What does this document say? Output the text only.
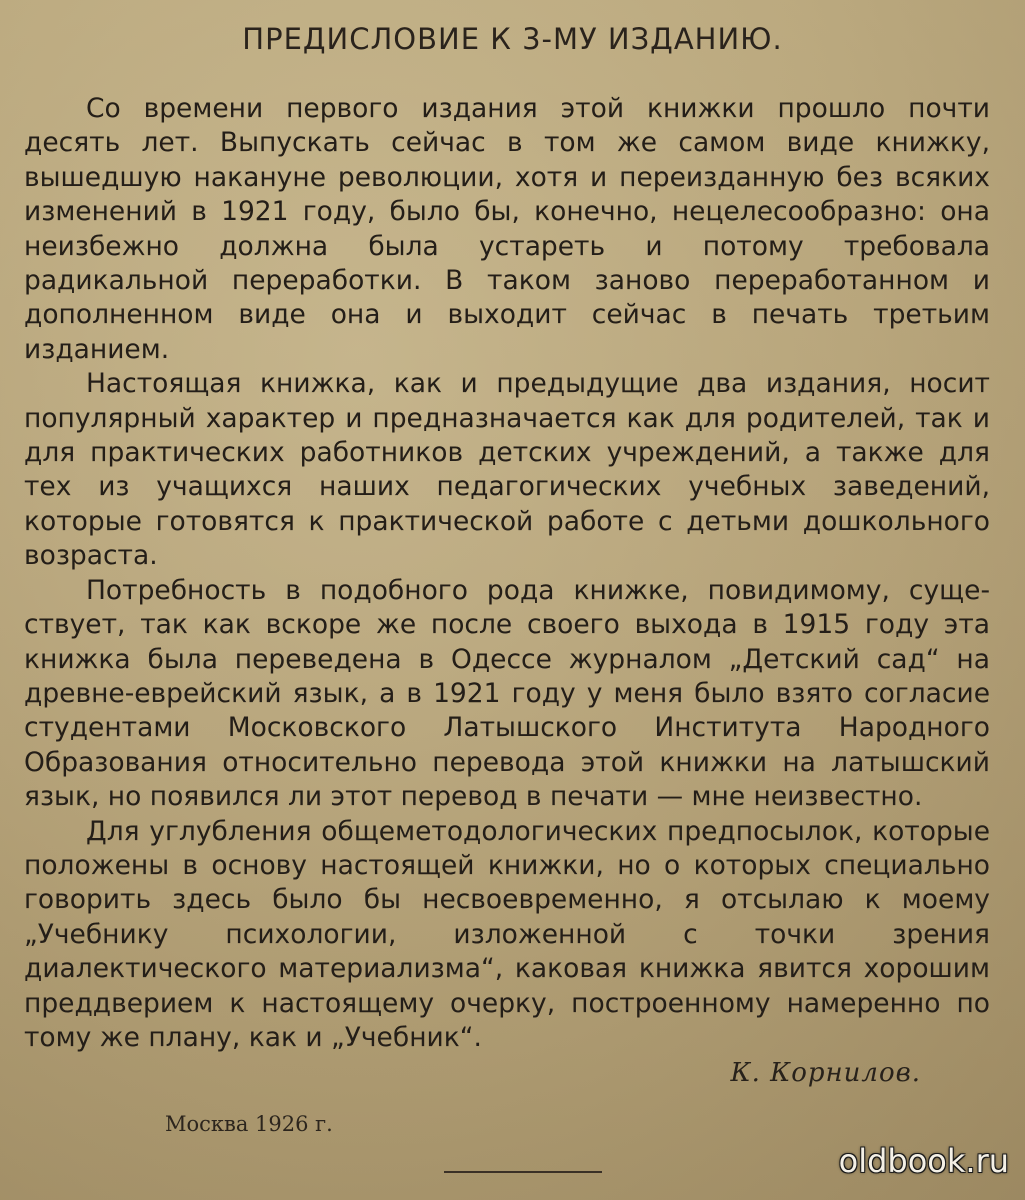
ПРЕДИСЛОВИЕ К 3-МУ ИЗДАНИЮ.

Со времени первого издания этой книжки прошло почти десять лет. Выпускать сейчас в том же самом виде книжку, вышедшую накануне революции, хотя и переизданную без всяких изменений в 1921 году, было бы, конечно, нецелесообразно: она неизбежно должна была устареть и потому требовала радикальной переработки. В таком заново переработанном и дополненном виде она и выходит сейчас в печать третьим изданием.

Настоящая книжка, как и предыдущие два издания, носит популярный характер и предназначается как для родителей, так и для практических работников детских учреждений, а также для тех из учащихся наших педагогических учебных заведений, которые готовятся к практической работе с детьми дошкольного возраста.

Потребность в подобного рода книжке, повидимому, существует, так как вскоре же после своего выхода в 1915 году эта книжка была переведена в Одессе журналом „Детский сад“ на древне-еврейский язык, а в 1921 году у меня было взято согласие студентами Московского Латышского Института Народного Образования относительно перевода этой книжки на латышский язык, но появился ли этот перевод в печати — мне неизвестно.

Для углубления общеметодологических предпосылок, которые положены в основу настоящей книжки, но о которых специально говорить здесь было бы несвоевременно, я отсылаю к моему „Учебнику психологии, изложенной с точки зрения диалектического материализма“, каковая книжка явится хорошим преддверием к настоящему очерку, построенному намеренно по тому же плану, как и „Учебник“.

К. Корнилов.

Москва 1926 г.

oldbook.ru
